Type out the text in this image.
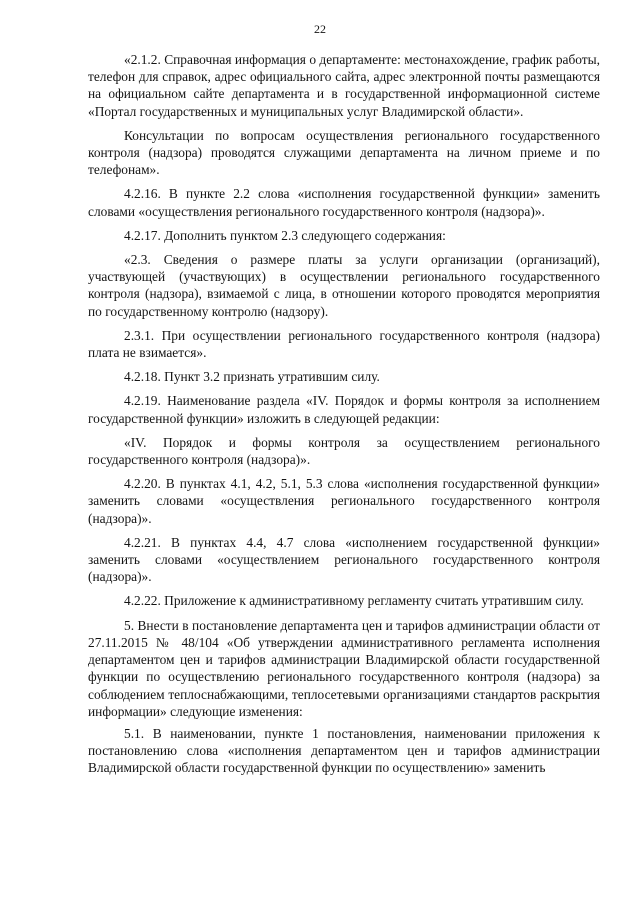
22

«2.1.2. Справочная информация о департаменте: местонахождение, график работы, телефон для справок, адрес официального сайта, адрес электронной почты размещаются на официальном сайте департамента и в государственной информационной системе «Портал государственных и муниципальных услуг Владимирской области».

Консультации по вопросам осуществления регионального государственного контроля (надзора) проводятся служащими департамента на личном приеме и по телефонам».

4.2.16. В пункте 2.2 слова «исполнения государственной функции» заменить словами «осуществления регионального государственного контроля (надзора)».

4.2.17. Дополнить пунктом 2.3 следующего содержания:

«2.3. Сведения о размере платы за услуги организации (организаций), участвующей (участвующих) в осуществлении регионального государственного контроля (надзора), взимаемой с лица, в отношении которого проводятся мероприятия по государственному контролю (надзору).

2.3.1. При осуществлении регионального государственного контроля (надзора) плата не взимается».

4.2.18. Пункт 3.2 признать утратившим силу.

4.2.19. Наименование раздела «IV. Порядок и формы контроля за исполнением государственной функции» изложить в следующей редакции:

«IV. Порядок и формы контроля за осуществлением регионального государственного контроля (надзора)».

4.2.20. В пунктах 4.1, 4.2, 5.1, 5.3 слова «исполнения государственной функции» заменить словами «осуществления регионального государственного контроля (надзора)».

4.2.21. В пунктах 4.4, 4.7 слова «исполнением государственной функции» заменить словами «осуществлением регионального государственного контроля (надзора)».

4.2.22. Приложение к административному регламенту считать утратившим силу.

5. Внести в постановление департамента цен и тарифов администрации области от 27.11.2015 № 48/104 «Об утверждении административного регламента исполнения департаментом цен и тарифов администрации Владимирской области государственной функции по осуществлению регионального государственного контроля (надзора) за соблюдением теплоснабжающими, теплосетевыми организациями стандартов раскрытия информации» следующие изменения:

5.1. В наименовании, пункте 1 постановления, наименовании приложения к постановлению слова «исполнения департаментом цен и тарифов администрации Владимирской области государственной функции по осуществлению» заменить
